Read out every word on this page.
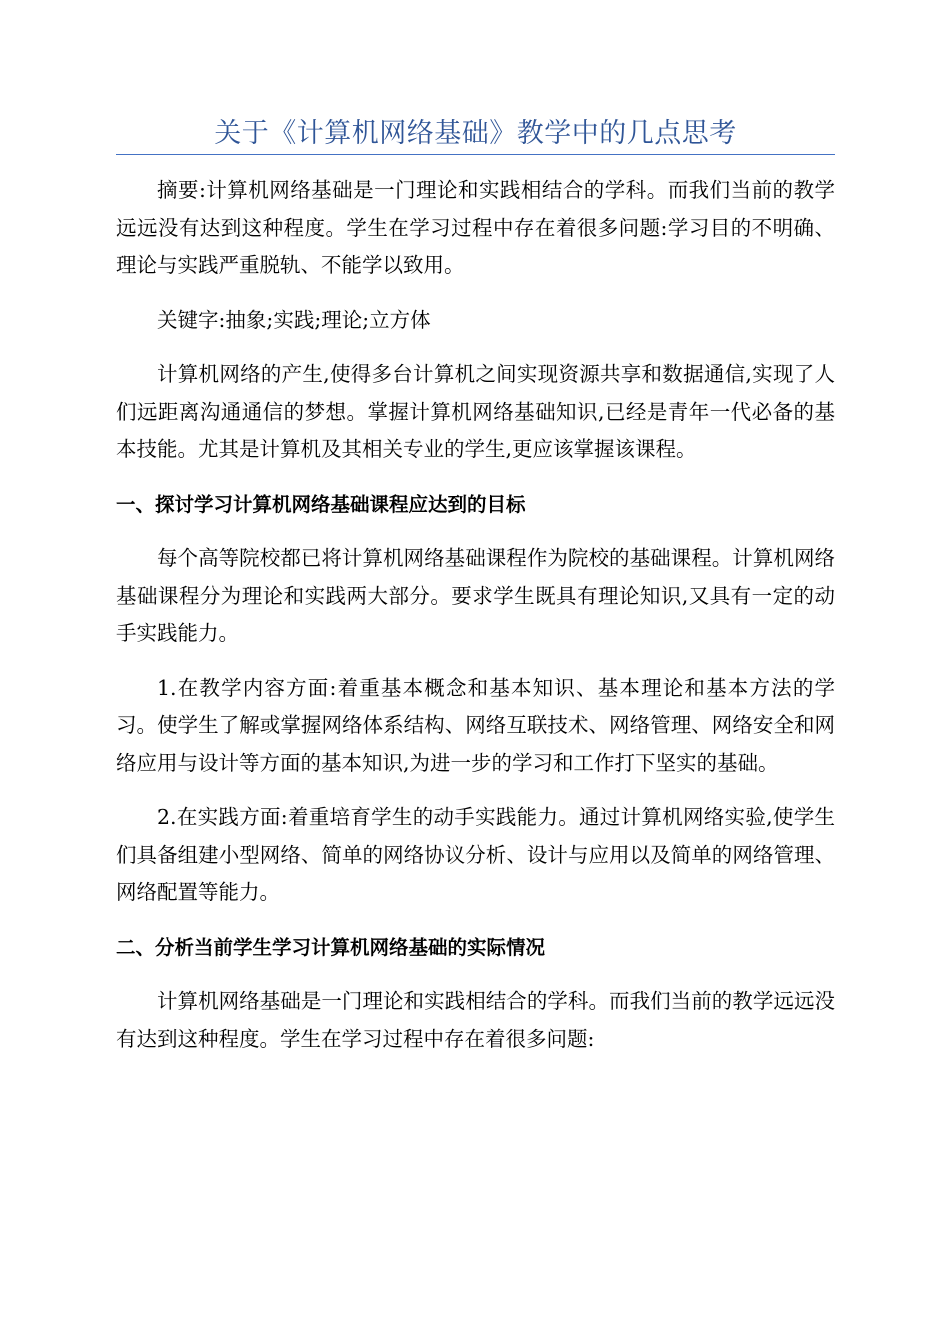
关于《计算机网络基础》教学中的几点思考

摘要:计算机网络基础是一门理论和实践相结合的学科。而我们当前的教学远远没有达到这种程度。学生在学习过程中存在着很多问题:学习目的不明确、理论与实践严重脱轨、不能学以致用。

关键字:抽象;实践;理论;立方体

计算机网络的产生,使得多台计算机之间实现资源共享和数据通信,实现了人们远距离沟通通信的梦想。掌握计算机网络基础知识,已经是青年一代必备的基本技能。尤其是计算机及其相关专业的学生,更应该掌握该课程。

一、探讨学习计算机网络基础课程应达到的目标

每个高等院校都已将计算机网络基础课程作为院校的基础课程。计算机网络基础课程分为理论和实践两大部分。要求学生既具有理论知识,又具有一定的动手实践能力。

1.在教学内容方面:着重基本概念和基本知识、基本理论和基本方法的学习。使学生了解或掌握网络体系结构、网络互联技术、网络管理、网络安全和网络应用与设计等方面的基本知识,为进一步的学习和工作打下坚实的基础。

2.在实践方面:着重培育学生的动手实践能力。通过计算机网络实验,使学生们具备组建小型网络、简单的网络协议分析、设计与应用以及简单的网络管理、网络配置等能力。

二、分析当前学生学习计算机网络基础的实际情况

计算机网络基础是一门理论和实践相结合的学科。而我们当前的教学远远没有达到这种程度。学生在学习过程中存在着很多问题:
